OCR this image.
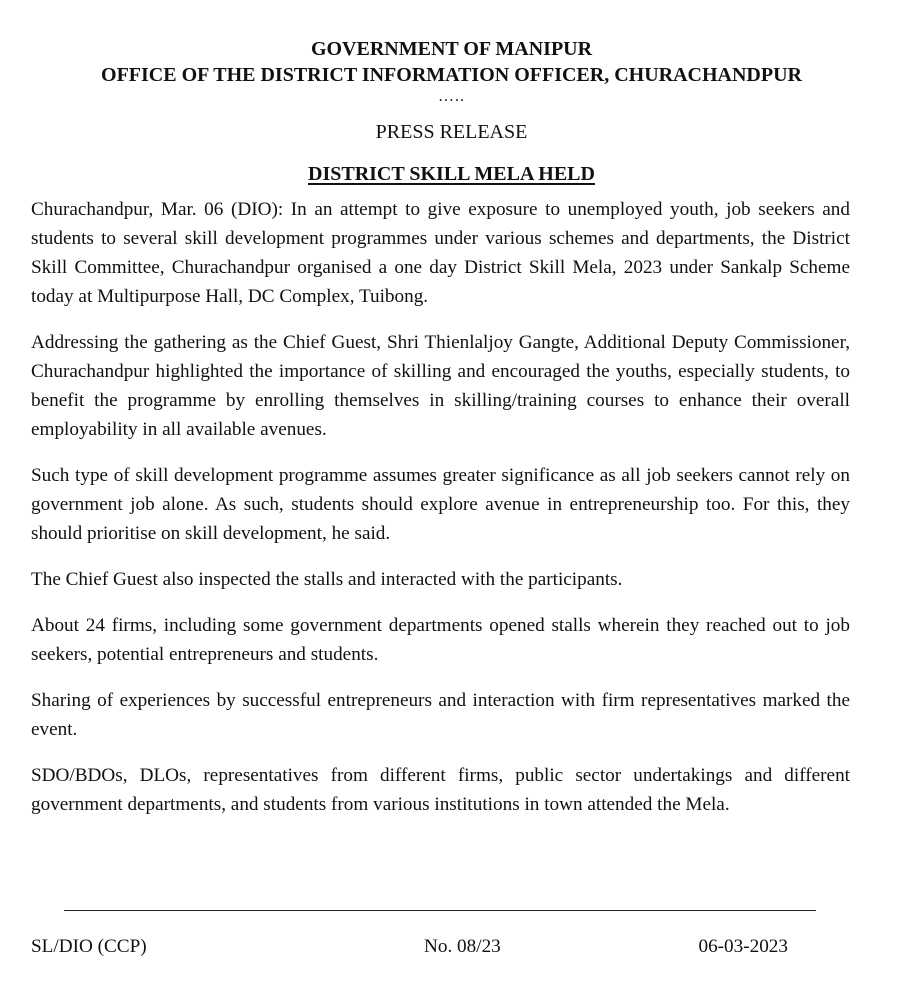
GOVERNMENT OF MANIPUR

OFFICE OF THE DISTRICT INFORMATION OFFICER, CHURACHANDPUR

…..

PRESS RELEASE

DISTRICT SKILL MELA HELD

Churachandpur, Mar. 06 (DIO): In an attempt to give exposure to unemployed youth, job seekers and students to several skill development programmes under various schemes and departments, the District Skill Committee, Churachandpur organised a one day District Skill Mela, 2023 under Sankalp Scheme today at Multipurpose Hall, DC Complex, Tuibong.

Addressing the gathering as the Chief Guest, Shri Thienlaljoy Gangte, Additional Deputy Commissioner, Churachandpur highlighted the importance of skilling and encouraged the youths, especially students, to benefit the programme by enrolling themselves in skilling/training courses to enhance their overall employability in all available avenues.

Such type of skill development programme assumes greater significance as all job seekers cannot rely on government job alone. As such, students should explore avenue in entrepreneurship too. For this, they should prioritise on skill development, he said.

The Chief Guest also inspected the stalls and interacted with the participants.

About 24 firms, including some government departments opened stalls wherein they reached out to job seekers, potential entrepreneurs and students.

Sharing of experiences by successful entrepreneurs and interaction with firm representatives marked the event.

SDO/BDOs, DLOs, representatives from different firms, public sector undertakings and different government departments, and students from various institutions in town attended the Mela.

SL/DIO (CCP)	No. 08/23	06-03-2023
